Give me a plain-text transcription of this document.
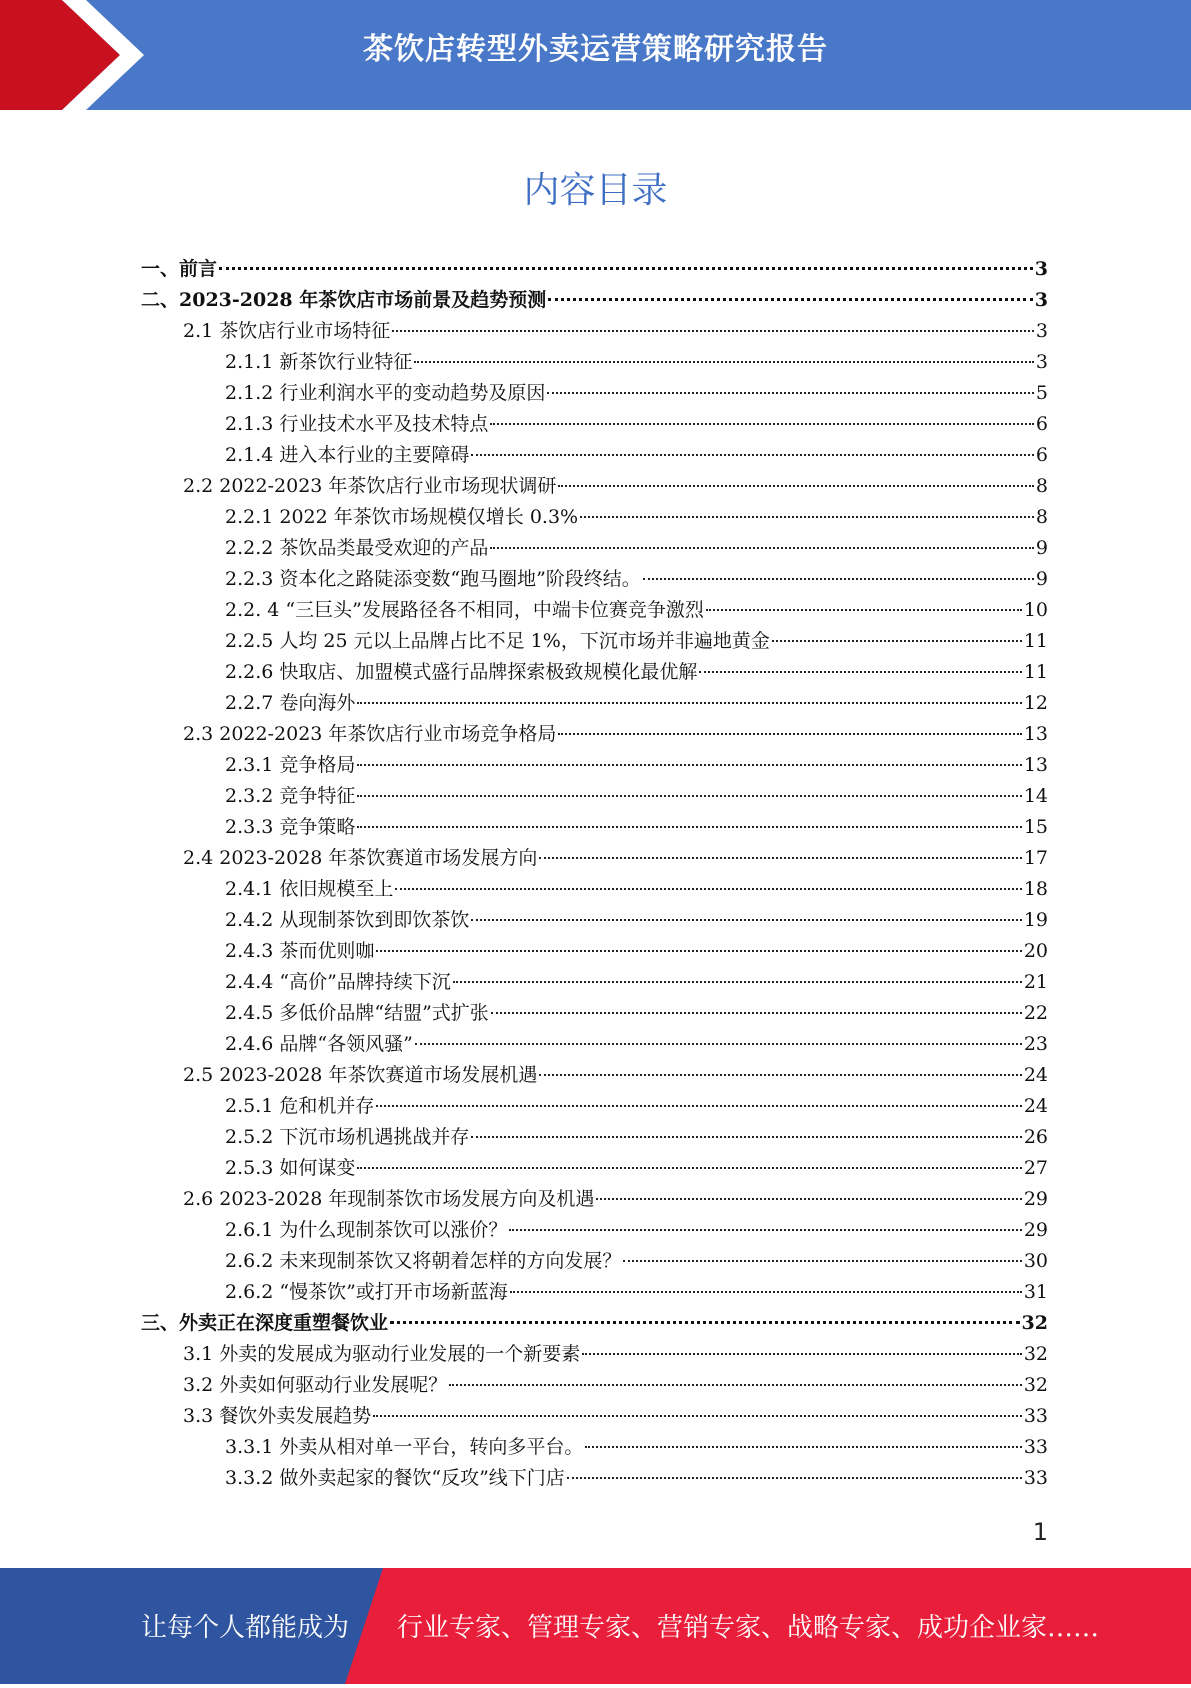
茶饮店转型外卖运营策略研究报告
内容目录
一、前言	3
二、2023-2028 年茶饮店市场前景及趋势预测	3
2.1 茶饮店行业市场特征	3
2.1.1 新茶饮行业特征	3
2.1.2 行业利润水平的变动趋势及原因	5
2.1.3 行业技术水平及技术特点	6
2.1.4 进入本行业的主要障碍	6
2.2 2022-2023 年茶饮店行业市场现状调研	8
2.2.1 2022 年茶饮市场规模仅增长 0.3%	8
2.2.2 茶饮品类最受欢迎的产品	9
2.2.3 资本化之路陡添变数“跑马圈地”阶段终结。	9
2.2. 4 “三巨头”发展路径各不相同，中端卡位赛竞争激烈	10
2.2.5 人均 25 元以上品牌占比不足 1%，下沉市场并非遍地黄金	11
2.2.6 快取店、加盟模式盛行品牌探索极致规模化最优解	11
2.2.7 卷向海外	12
2.3 2022-2023 年茶饮店行业市场竞争格局	13
2.3.1 竞争格局	13
2.3.2 竞争特征	14
2.3.3 竞争策略	15
2.4 2023-2028 年茶饮赛道市场发展方向	17
2.4.1 依旧规模至上	18
2.4.2 从现制茶饮到即饮茶饮	19
2.4.3 茶而优则咖	20
2.4.4 “高价”品牌持续下沉	21
2.4.5 多低价品牌“结盟”式扩张	22
2.4.6 品牌“各领风骚”	23
2.5 2023-2028 年茶饮赛道市场发展机遇	24
2.5.1 危和机并存	24
2.5.2 下沉市场机遇挑战并存	26
2.5.3 如何谋变	27
2.6 2023-2028 年现制茶饮市场发展方向及机遇	29
2.6.1 为什么现制茶饮可以涨价？	29
2.6.2 未来现制茶饮又将朝着怎样的方向发展？	30
2.6.2 “慢茶饮”或打开市场新蓝海	31
三、外卖正在深度重塑餐饮业	32
3.1 外卖的发展成为驱动行业发展的一个新要素	32
3.2 外卖如何驱动行业发展呢？	32
3.3 餐饮外卖发展趋势	33
3.3.1 外卖从相对单一平台，转向多平台。	33
3.3.2 做外卖起家的餐饮“反攻”线下门店	33
1
让每个人都能成为 行业专家、管理专家、营销专家、战略专家、成功企业家……
